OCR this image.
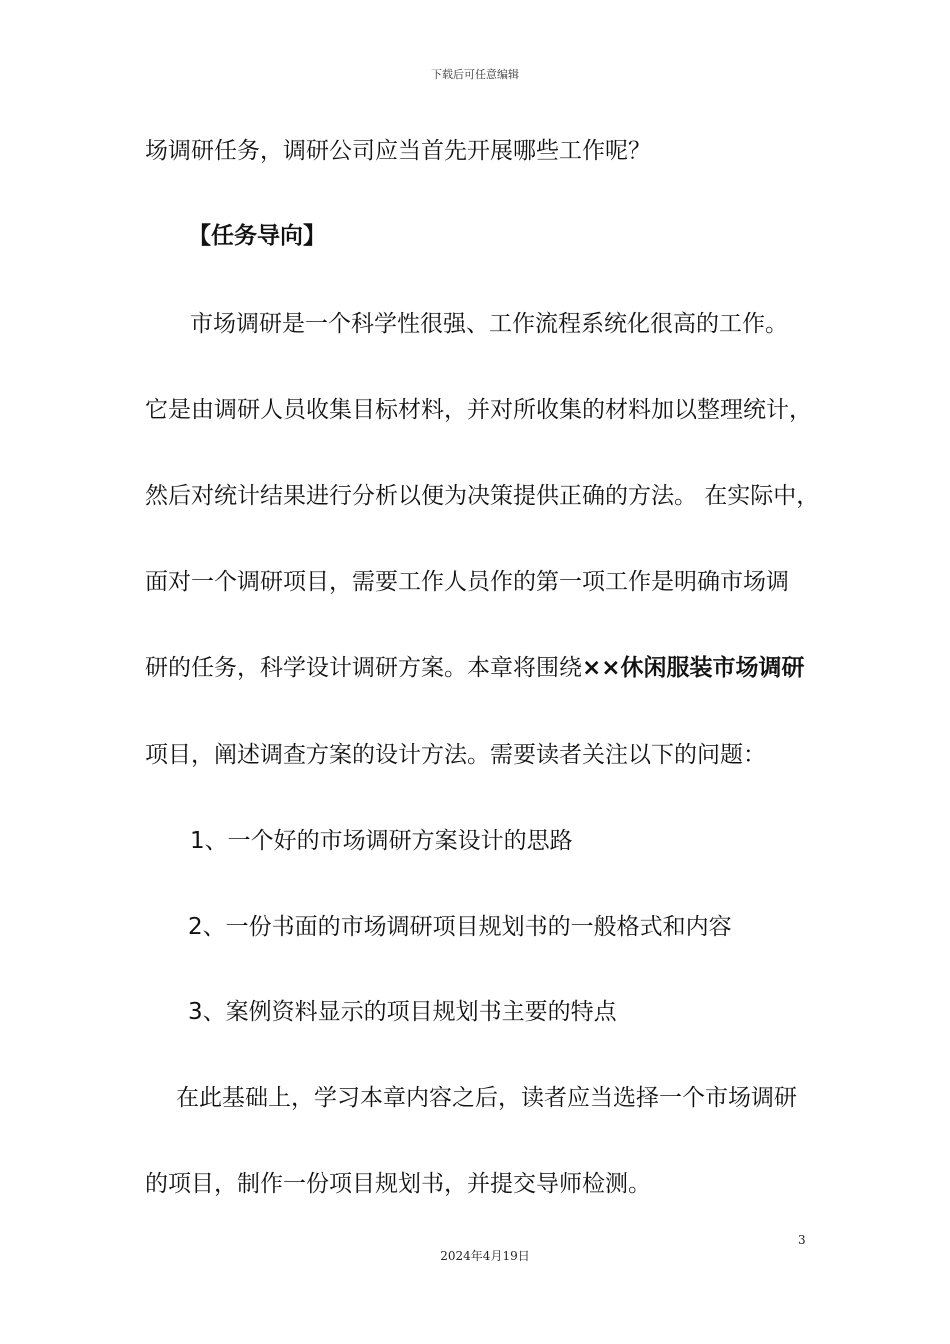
下载后可任意编辑
场调研任务，调研公司应当首先开展哪些工作呢？
【任务导向】
市场调研是一个科学性很强、工作流程系统化很高的工作。
它是由调研人员收集目标材料，并对所收集的材料加以整理统计，
然后对统计结果进行分析以便为决策提供正确的方法。 在实际中，
面对一个调研项目，需要工作人员作的第一项工作是明确市场调
研的任务，科学设计调研方案。本章将围绕××休闲服装市场调研
项目，阐述调查方案的设计方法。需要读者关注以下的问题：
1、一个好的市场调研方案设计的思路
2、一份书面的市场调研项目规划书的一般格式和内容
3、案例资料显示的项目规划书主要的特点
在此基础上，学习本章内容之后，读者应当选择一个市场调研
的项目，制作一份项目规划书，并提交导师检测。
3
2024年4月19日
